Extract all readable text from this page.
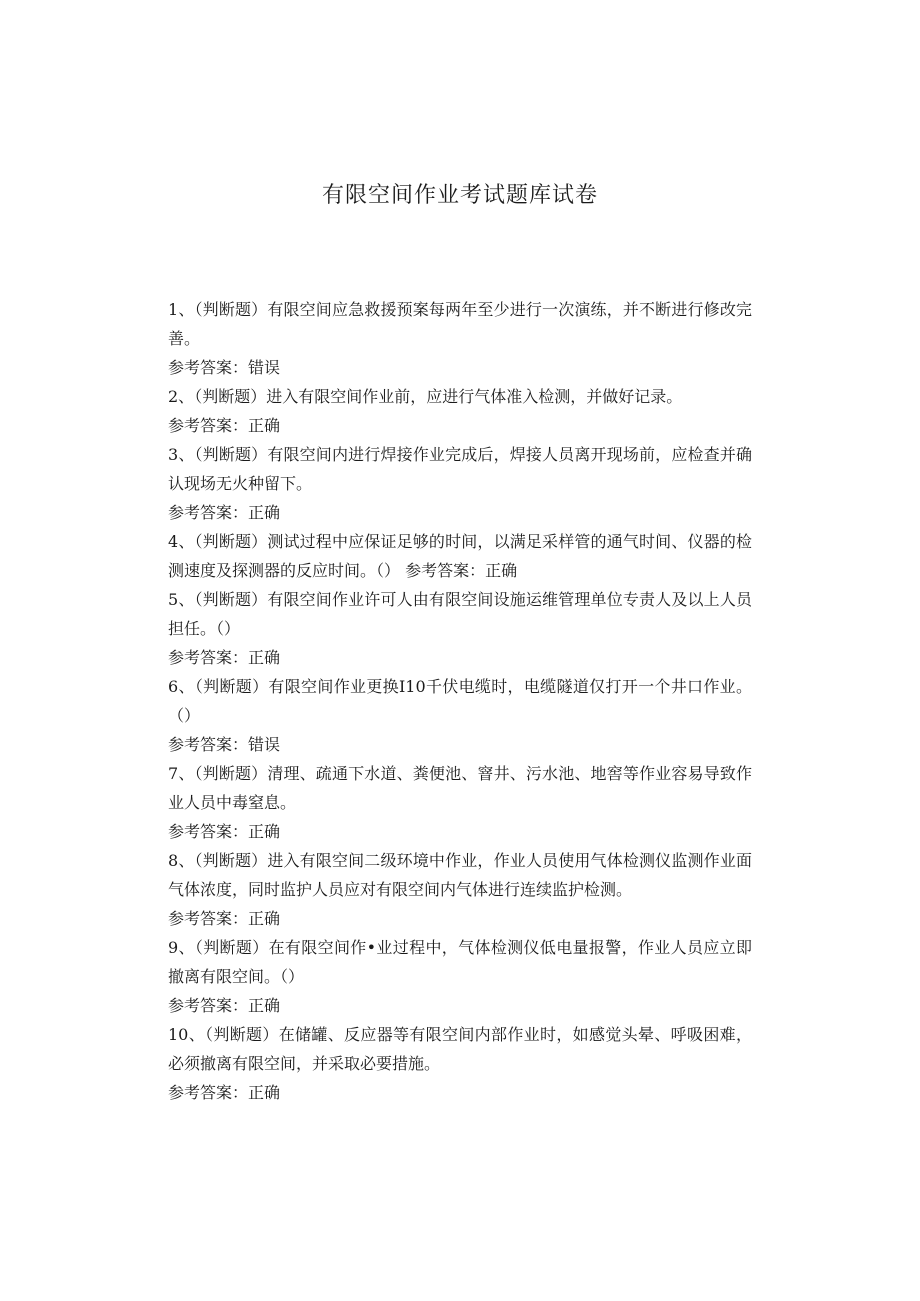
有限空间作业考试题库试卷
1、（判断题）有限空间应急救援预案每两年至少进行一次演练，并不断进行修改完善。
参考答案：错误
2、（判断题）进入有限空间作业前，应进行气体准入检测，并做好记录。
参考答案：正确
3、（判断题）有限空间内进行焊接作业完成后，焊接人员离开现场前，应检查并确认现场无火种留下。
参考答案：正确
4、（判断题）测试过程中应保证足够的时间，以满足采样管的通气时间、仪器的检测速度及探测器的反应时间。（） 参考答案：正确
5、（判断题）有限空间作业许可人由有限空间设施运维管理单位专责人及以上人员担任。（）
参考答案：正确
6、（判断题）有限空间作业更换I10千伏电缆时，电缆隧道仅打开一个井口作业。（）
参考答案：错误
7、（判断题）清理、疏通下水道、粪便池、窨井、污水池、地窖等作业容易导致作业人员中毒窒息。
参考答案：正确
8、（判断题）进入有限空间二级环境中作业，作业人员使用气体检测仪监测作业面气体浓度，同时监护人员应对有限空间内气体进行连续监护检测。
参考答案：正确
9、（判断题）在有限空间作•业过程中，气体检测仪低电量报警，作业人员应立即撤离有限空间。（）
参考答案：正确
10、（判断题）在储罐、反应器等有限空间内部作业时，如感觉头晕、呼吸困难，必须撤离有限空间，并采取必要措施。
参考答案：正确
